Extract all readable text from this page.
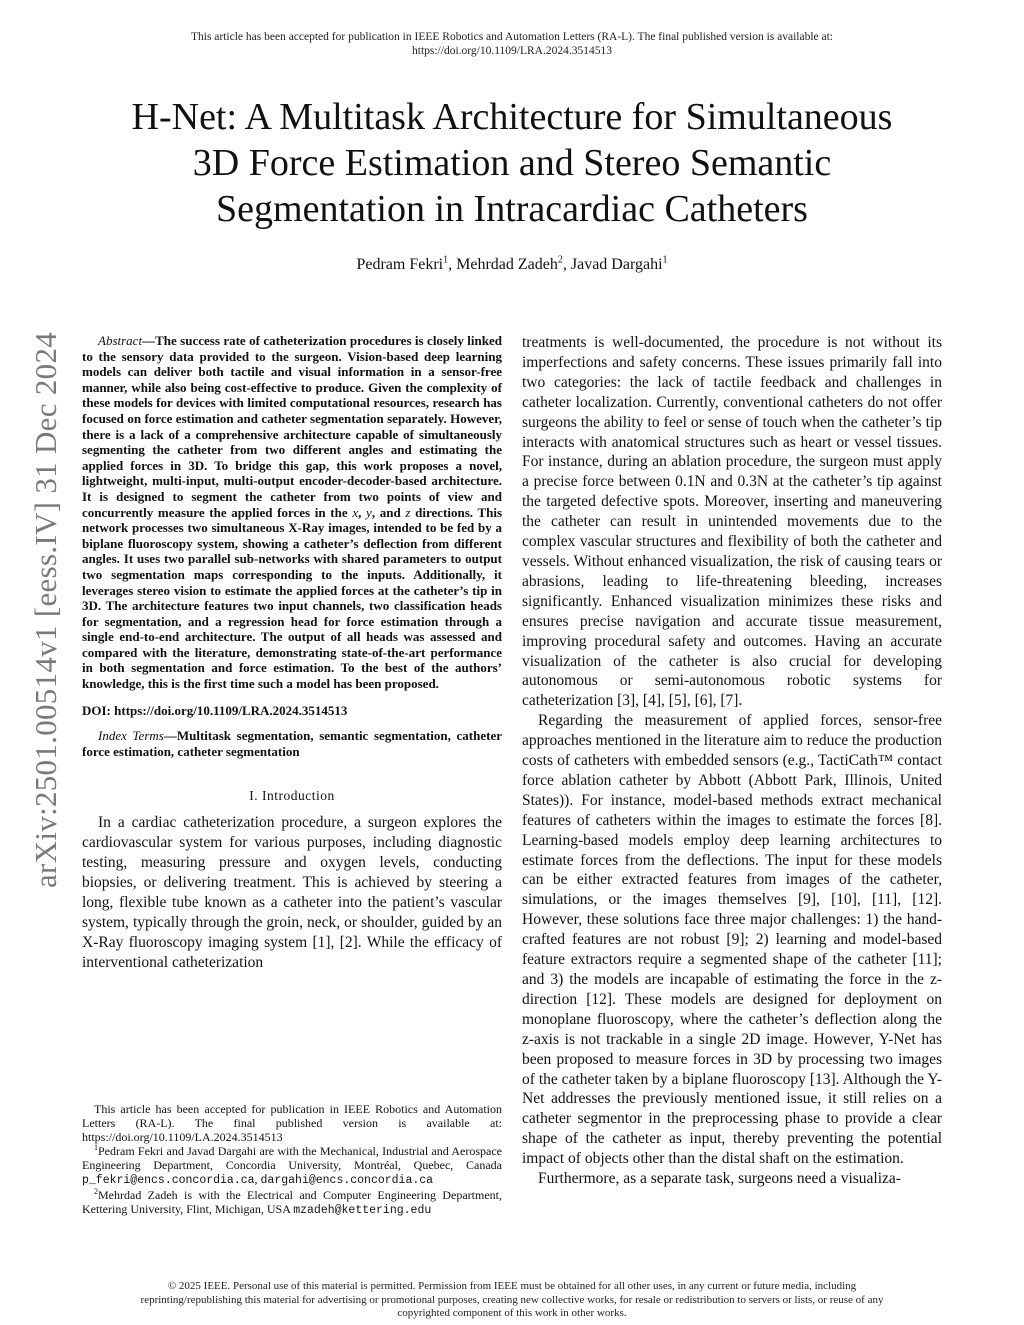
This article has been accepted for publication in IEEE Robotics and Automation Letters (RA-L). The final published version is available at:
https://doi.org/10.1109/LRA.2024.3514513
arXiv:2501.00514v1 [eess.IV] 31 Dec 2024
H-Net: A Multitask Architecture for Simultaneous
3D Force Estimation and Stereo Semantic
Segmentation in Intracardiac Catheters
Pedram Fekri$^1$, Mehrdad Zadeh$^2$, Javad Dargahi$^1$

Abstract—The success rate of catheterization procedures is closely linked to the sensory data provided to the surgeon. Vision-based deep learning models can deliver both tactile and visual information in a sensor-free manner, while also being cost-effective to produce. Given the complexity of these models for devices with limited computational resources, research has focused on force estimation and catheter segmentation separately. However, there is a lack of a comprehensive architecture capable of simultaneously segmenting the catheter from two different angles and estimating the applied forces in 3D. To bridge this gap, this work proposes a novel, lightweight, multi-input, multi-output encoder-decoder-based architecture. It is designed to segment the catheter from two points of view and concurrently measure the applied forces in the x, y, and z directions. This network processes two simultaneous X-Ray images, intended to be fed by a biplane fluoroscopy system, showing a catheter’s deflection from different angles. It uses two parallel sub-networks with shared parameters to output two segmentation maps corresponding to the inputs. Additionally, it leverages stereo vision to estimate the applied forces at the catheter’s tip in 3D. The architecture features two input channels, two classification heads for segmentation, and a regression head for force estimation through a single end-to-end architecture. The output of all heads was assessed and compared with the literature, demonstrating state-of-the-art performance in both segmentation and force estimation. To the best of the authors’ knowledge, this is the first time such a model has been proposed.

DOI: https://doi.org/10.1109/LRA.2024.3514513

Index Terms—Multitask segmentation, semantic segmentation, catheter force estimation, catheter segmentation

I. Introduction

In a cardiac catheterization procedure, a surgeon explores the cardiovascular system for various purposes, including diagnostic testing, measuring pressure and oxygen levels, conducting biopsies, or delivering treatment. This is achieved by steering a long, flexible tube known as a catheter into the patient’s vascular system, typically through the groin, neck, or shoulder, guided by an X-Ray fluoroscopy imaging system [1], [2]. While the efficacy of interventional catheterization

This article has been accepted for publication in IEEE Robotics and Automation Letters (RA-L). The final published version is available at: https://doi.org/10.1109/LA.2024.3514513

$^1$Pedram Fekri and Javad Dargahi are with the Mechanical, Industrial and Aerospace Engineering Department, Concordia University, Montréal, Quebec, Canada p_fekri@encs.concordia.ca, dargahi@encs.concordia.ca

$^2$Mehrdad Zadeh is with the Electrical and Computer Engineering Department, Kettering University, Flint, Michigan, USA mzadeh@kettering.edu

treatments is well-documented, the procedure is not without its imperfections and safety concerns. These issues primarily fall into two categories: the lack of tactile feedback and challenges in catheter localization. Currently, conventional catheters do not offer surgeons the ability to feel or sense of touch when the catheter’s tip interacts with anatomical structures such as heart or vessel tissues. For instance, during an ablation procedure, the surgeon must apply a precise force between 0.1N and 0.3N at the catheter’s tip against the targeted defective spots. Moreover, inserting and maneuvering the catheter can result in unintended movements due to the complex vascular structures and flexibility of both the catheter and vessels. Without enhanced visualization, the risk of causing tears or abrasions, leading to life-threatening bleeding, increases significantly. Enhanced visualization minimizes these risks and ensures precise navigation and accurate tissue measurement, improving procedural safety and outcomes. Having an accurate visualization of the catheter is also crucial for developing autonomous or semi-autonomous robotic systems for catheterization [3], [4], [5], [6], [7].

Regarding the measurement of applied forces, sensor-free approaches mentioned in the literature aim to reduce the production costs of catheters with embedded sensors (e.g., TactiCath™ contact force ablation catheter by Abbott (Abbott Park, Illinois, United States)). For instance, model-based methods extract mechanical features of catheters within the images to estimate the forces [8]. Learning-based models employ deep learning architectures to estimate forces from the deflections. The input for these models can be either extracted features from images of the catheter, simulations, or the images themselves [9], [10], [11], [12]. However, these solutions face three major challenges: 1) the hand-crafted features are not robust [9]; 2) learning and model-based feature extractors require a segmented shape of the catheter [11]; and 3) the models are incapable of estimating the force in the z-direction [12]. These models are designed for deployment on monoplane fluoroscopy, where the catheter’s deflection along the z-axis is not trackable in a single 2D image. However, Y-Net has been proposed to measure forces in 3D by processing two images of the catheter taken by a biplane fluoroscopy [13]. Although the Y-Net addresses the previously mentioned issue, it still relies on a catheter segmentor in the preprocessing phase to provide a clear shape of the catheter as input, thereby preventing the potential impact of objects other than the distal shaft on the estimation.

Furthermore, as a separate task, surgeons need a visualiza-

© 2025 IEEE. Personal use of this material is permitted. Permission from IEEE must be obtained for all other uses, in any current or future media, including
reprinting/republishing this material for advertising or promotional purposes, creating new collective works, for resale or redistribution to servers or lists, or reuse of any
copyrighted component of this work in other works.
